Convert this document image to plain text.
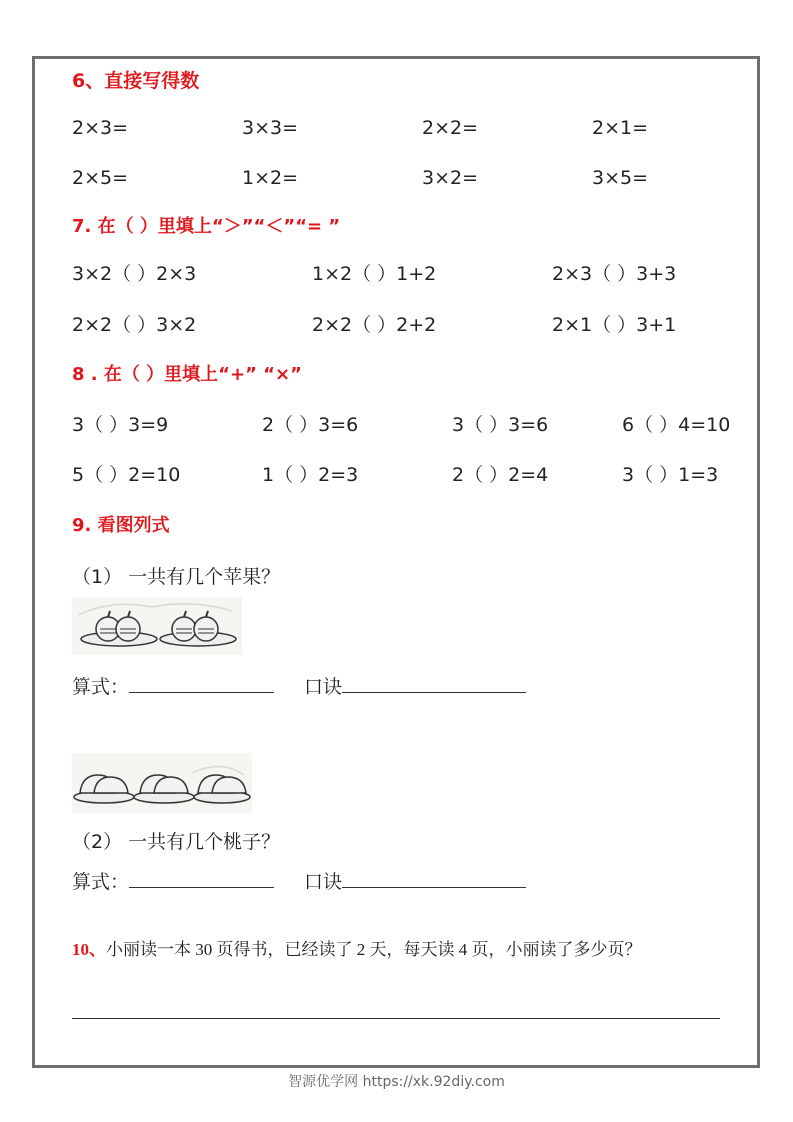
6、直接写得数
2×3=	3×3=	2×2=	2×1=
2×5=	1×2=	3×2=	3×5=
7. 在（ ）里填上“＞”“＜”“= ”
3×2（ ）2×3	1×2（ ）1+2	2×3（ ）3+3
2×2（ ）3×2	2×2（ ）2+2	2×1（ ）3+1
8 . 在（ ）里填上“+” “×”
3（ ）3=9	2（ ）3=6	3（ ）3=6	6（ ）4=10
5（ ）2=10	1（ ）2=3	2（ ）2=4	3（ ）1=3
9. 看图列式
（1） 一共有几个苹果？
算式：	口诀
（2） 一共有几个桃子？
算式：	口诀
10、小丽读一本 30 页得书，已经读了 2 天，每天读 4 页，小丽读了多少页？
智源优学网 https://xk.92diy.com
